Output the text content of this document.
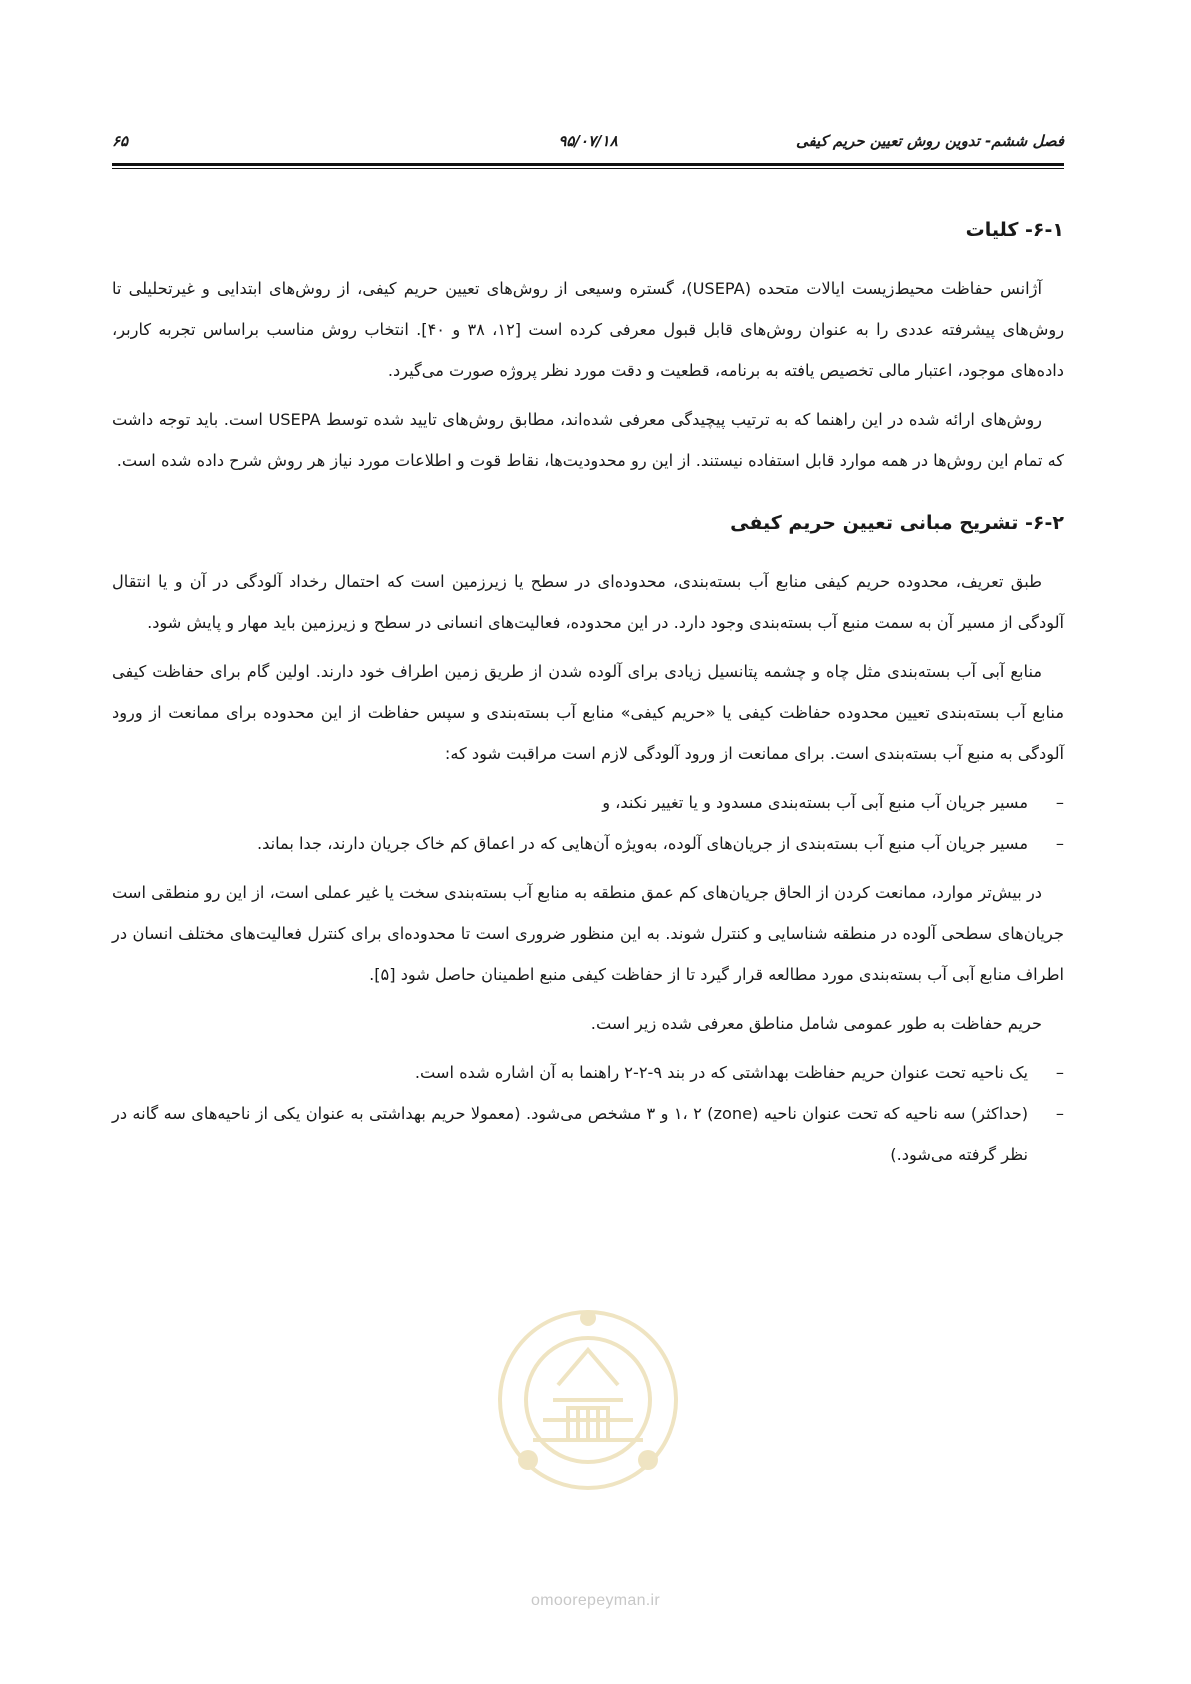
فصل ششم- تدوین روش تعیین حریم کیفی
۹۵/۰۷/۱۸
۶۵
۶-۱- کلیات

آژانس حفاظت محیط‌زیست ایالات متحده (USEPA)، گستره وسیعی از روش‌های تعیین حریم کیفی، از روش‌های ابتدایی و غیرتحلیلی تا روش‌های پیشرفته عددی را به عنوان روش‌های قابل قبول معرفی کرده است [۱۲، ۳۸ و ۴۰]. انتخاب روش مناسب براساس تجربه کاربر، داده‌های موجود، اعتبار مالی تخصیص یافته به برنامه، قطعیت و دقت مورد نظر پروژه صورت می‌گیرد.

روش‌های ارائه شده در این راهنما که به ترتیب پیچیدگی معرفی شده‌اند، مطابق روش‌های تایید شده توسط USEPA است. باید توجه داشت که تمام این روش‌ها در همه موارد قابل استفاده نیستند. از این رو محدودیت‌ها، نقاط قوت و اطلاعات مورد نیاز هر روش شرح داده شده است.

۶-۲- تشریح مبانی تعیین حریم کیفی

طبق تعریف، محدوده حریم کیفی منابع آب بسته‌بندی، محدوده‌ای در سطح یا زیرزمین است که احتمال رخداد آلودگی در آن و یا انتقال آلودگی از مسیر آن به سمت منبع آب بسته‌بندی وجود دارد. در این محدوده، فعالیت‌های انسانی در سطح و زیرزمین باید مهار و پایش شود.

منابع آبی آب بسته‌بندی مثل چاه و چشمه پتانسیل زیادی برای آلوده شدن از طریق زمین اطراف خود دارند. اولین گام برای حفاظت کیفی منابع آب بسته‌بندی تعیین محدوده حفاظت کیفی یا «حریم کیفی» منابع آب بسته‌بندی و سپس حفاظت از این محدوده برای ممانعت از ورود آلودگی به منبع آب بسته‌بندی است. برای ممانعت از ورود آلودگی لازم است مراقبت شود که:

–
مسیر جریان آب منبع آبی آب بسته‌بندی مسدود و یا تغییر نکند، و
–
مسیر جریان آب منبع آب بسته‌بندی از جریان‌های آلوده، به‌ویژه آن‌هایی که در اعماق کم خاک جریان دارند، جدا بماند.

در بیش‌تر موارد، ممانعت کردن از الحاق جریان‌های کم عمق منطقه به منابع آب بسته‌بندی سخت یا غیر عملی است، از این رو منطقی است جریان‌های سطحی آلوده در منطقه شناسایی و کنترل شوند. به این منظور ضروری است تا محدوده‌ای برای کنترل فعالیت‌های مختلف انسان در اطراف منابع آبی آب بسته‌بندی مورد مطالعه قرار گیرد تا از حفاظت کیفی منبع اطمینان حاصل شود [۵].

حریم حفاظت به طور عمومی شامل مناطق معرفی شده زیر است.

–
یک ناحیه تحت عنوان حریم حفاظت بهداشتی که در بند ۹-۲-۲ راهنما به آن اشاره شده است.
–
(حداکثر) سه ناحیه که تحت عنوان ناحیه (zone) ۱، ۲ و ۳ مشخص می‌شود. (معمولا حریم بهداشتی به عنوان یکی از ناحیه‌های سه گانه در نظر گرفته می‌شود.)
omoorepeyman.ir
